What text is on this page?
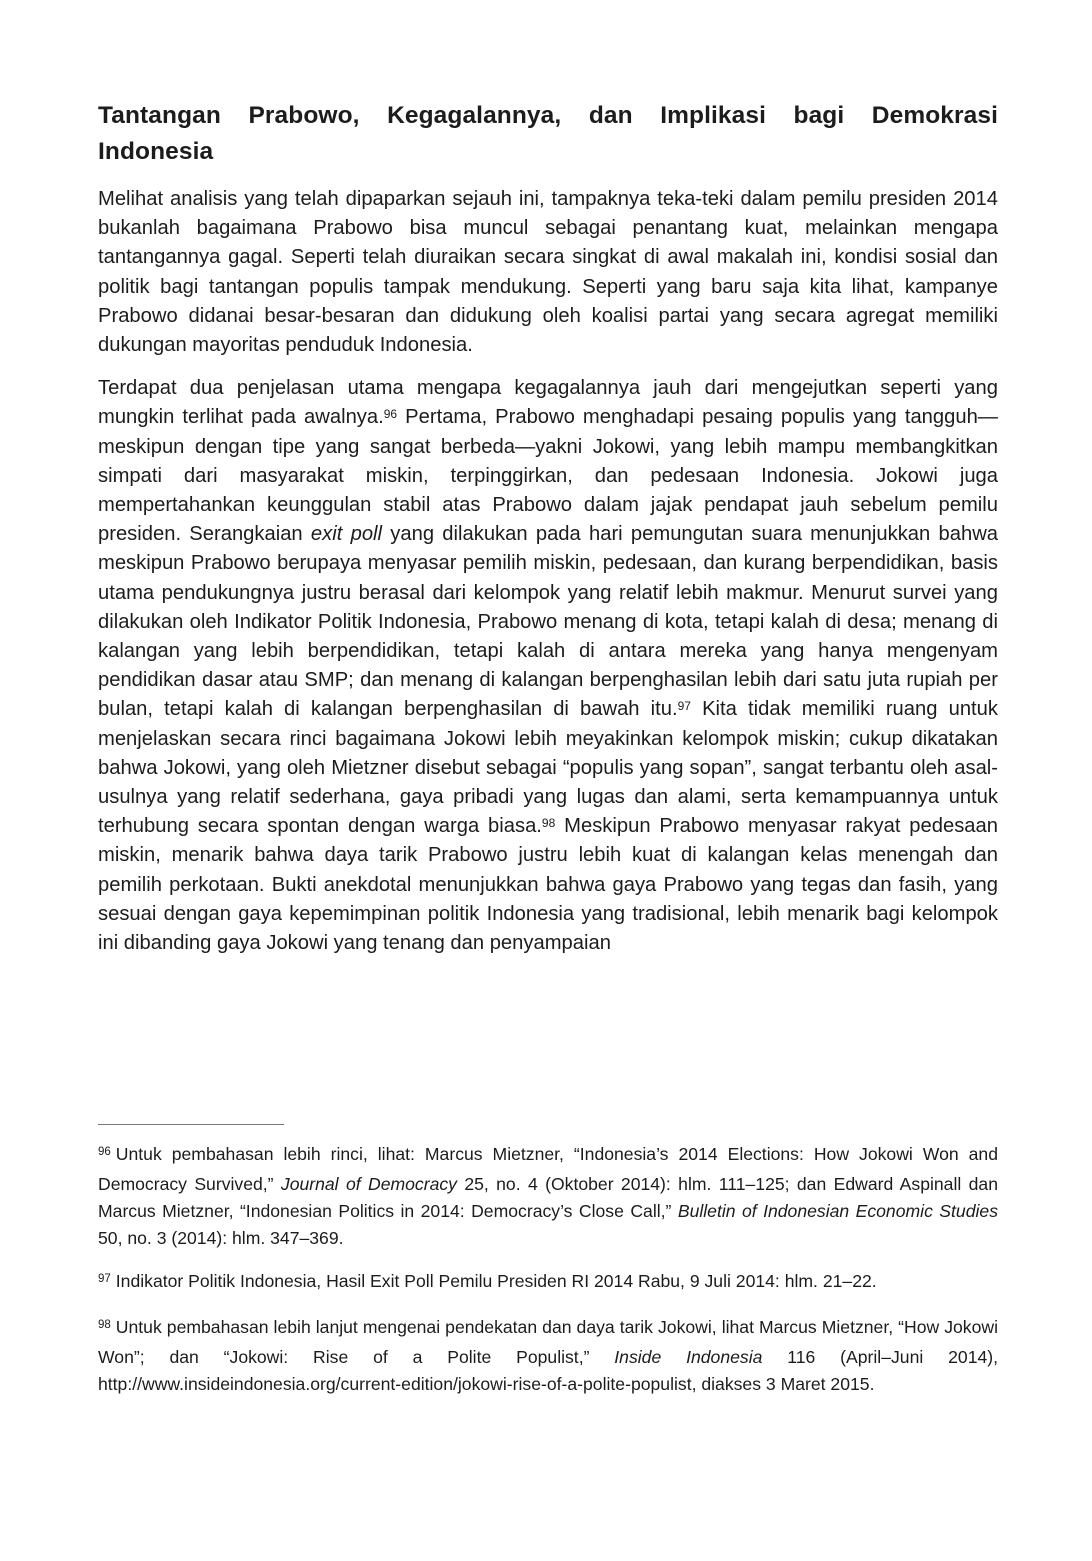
Tantangan Prabowo, Kegagalannya, dan Implikasi bagi Demokrasi Indonesia

Melihat analisis yang telah dipaparkan sejauh ini, tampaknya teka-teki dalam pemilu presiden 2014 bukanlah bagaimana Prabowo bisa muncul sebagai penantang kuat, melainkan mengapa tantangannya gagal. Seperti telah diuraikan secara singkat di awal makalah ini, kondisi sosial dan politik bagi tantangan populis tampak mendukung. Seperti yang baru saja kita lihat, kampanye Prabowo didanai besar-besaran dan didukung oleh koalisi partai yang secara agregat memiliki dukungan mayoritas penduduk Indonesia.

Terdapat dua penjelasan utama mengapa kegagalannya jauh dari mengejutkan seperti yang mungkin terlihat pada awalnya.$^{96}$ Pertama, Prabowo menghadapi pesaing populis yang tangguh—meskipun dengan tipe yang sangat berbeda—yakni Jokowi, yang lebih mampu membangkitkan simpati dari masyarakat miskin, terpinggirkan, dan pedesaan Indonesia. Jokowi juga mempertahankan keunggulan stabil atas Prabowo dalam jajak pendapat jauh sebelum pemilu presiden. Serangkaian exit poll yang dilakukan pada hari pemungutan suara menunjukkan bahwa meskipun Prabowo berupaya menyasar pemilih miskin, pedesaan, dan kurang berpendidikan, basis utama pendukungnya justru berasal dari kelompok yang relatif lebih makmur. Menurut survei yang dilakukan oleh Indikator Politik Indonesia, Prabowo menang di kota, tetapi kalah di desa; menang di kalangan yang lebih berpendidikan, tetapi kalah di antara mereka yang hanya mengenyam pendidikan dasar atau SMP; dan menang di kalangan berpenghasilan lebih dari satu juta rupiah per bulan, tetapi kalah di kalangan berpenghasilan di bawah itu.$^{97}$ Kita tidak memiliki ruang untuk menjelaskan secara rinci bagaimana Jokowi lebih meyakinkan kelompok miskin; cukup dikatakan bahwa Jokowi, yang oleh Mietzner disebut sebagai “populis yang sopan”, sangat terbantu oleh asal-usulnya yang relatif sederhana, gaya pribadi yang lugas dan alami, serta kemampuannya untuk terhubung secara spontan dengan warga biasa.$^{98}$ Meskipun Prabowo menyasar rakyat pedesaan miskin, menarik bahwa daya tarik Prabowo justru lebih kuat di kalangan kelas menengah dan pemilih perkotaan. Bukti anekdotal menunjukkan bahwa gaya Prabowo yang tegas dan fasih, yang sesuai dengan gaya kepemimpinan politik Indonesia yang tradisional, lebih menarik bagi kelompok ini dibanding gaya Jokowi yang tenang dan penyampaian

$^{96}$ Untuk pembahasan lebih rinci, lihat: Marcus Mietzner, “Indonesia’s 2014 Elections: How Jokowi Won and Democracy Survived,” Journal of Democracy 25, no. 4 (Oktober 2014): hlm. 111–125; dan Edward Aspinall dan Marcus Mietzner, “Indonesian Politics in 2014: Democracy’s Close Call,” Bulletin of Indonesian Economic Studies 50, no. 3 (2014): hlm. 347–369.

$^{97}$ Indikator Politik Indonesia, Hasil Exit Poll Pemilu Presiden RI 2014 Rabu, 9 Juli 2014: hlm. 21–22.

$^{98}$ Untuk pembahasan lebih lanjut mengenai pendekatan dan daya tarik Jokowi, lihat Marcus Mietzner, “How Jokowi Won”; dan “Jokowi: Rise of a Polite Populist,” Inside Indonesia 116 (April–Juni 2014), http://www.insideindonesia.org/current-edition/jokowi-rise-of-a-polite-populist, diakses 3 Maret 2015.
